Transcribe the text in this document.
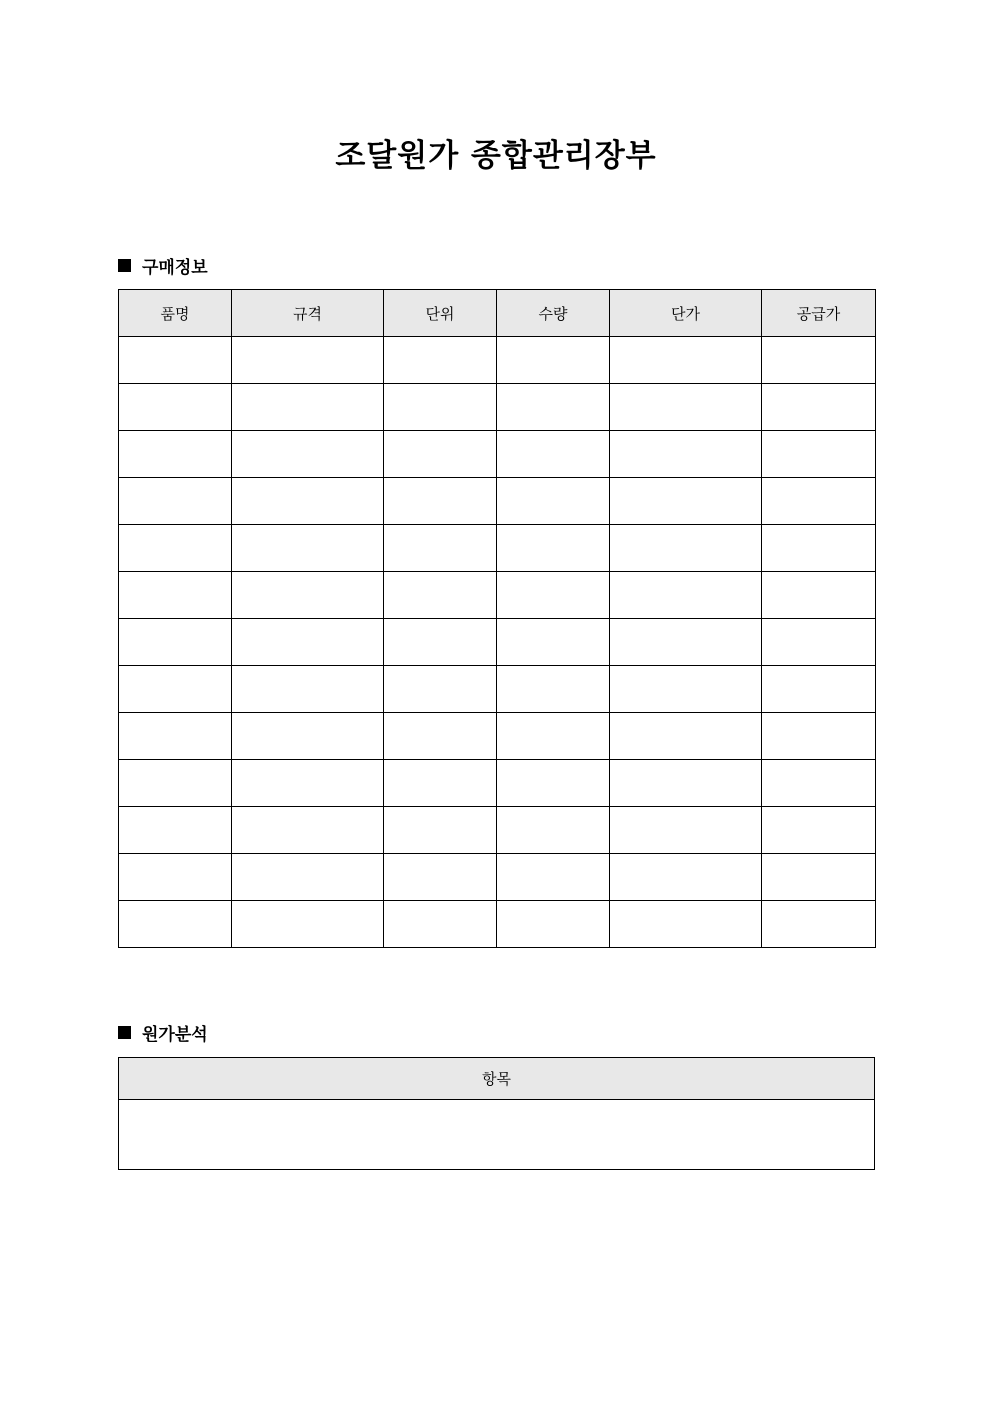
조달원가 종합관리장부
구매정보
품명	규격	단위	수량	단가	공급가

원가분석
항목
